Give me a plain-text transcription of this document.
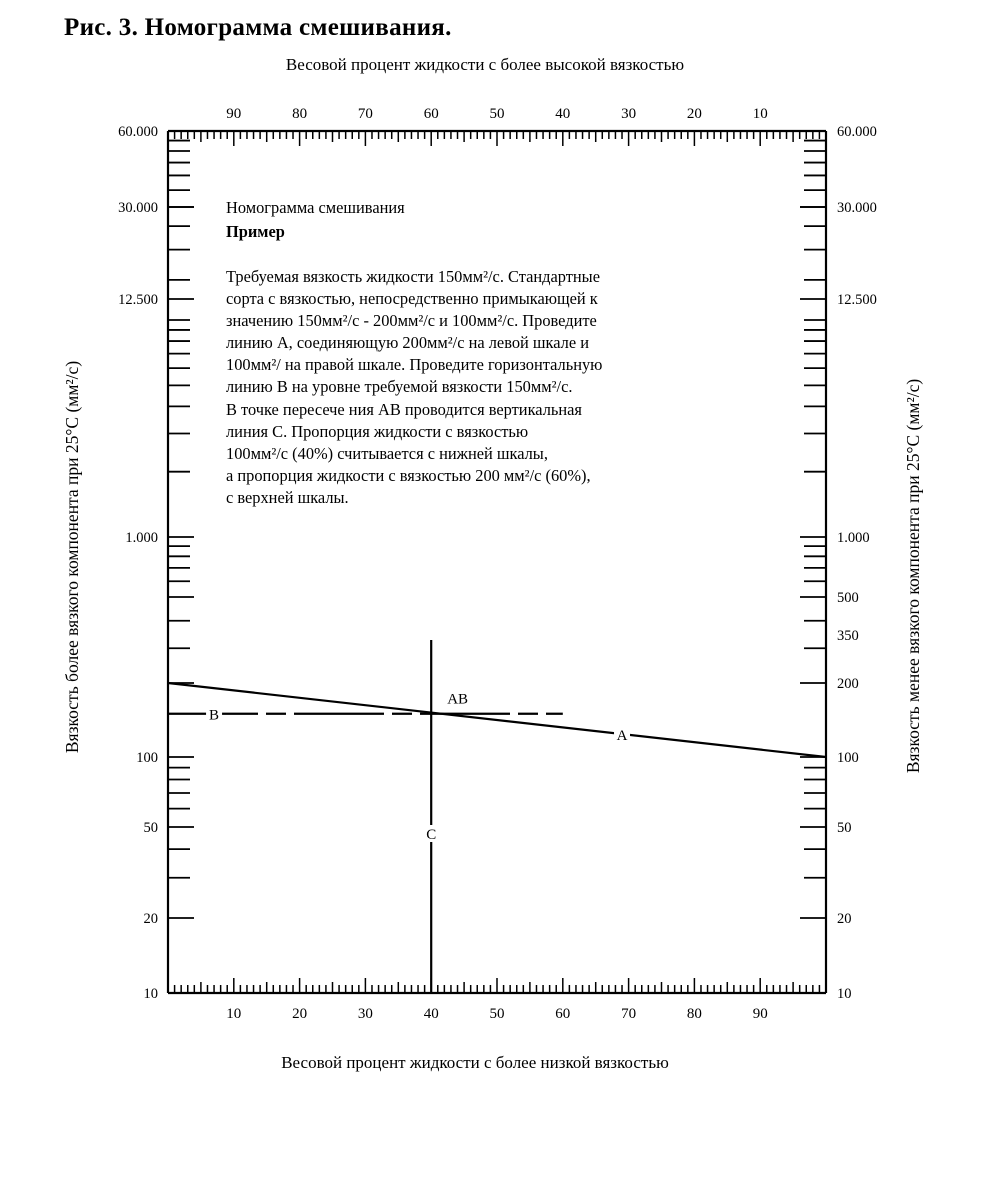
Рис. 3. Номограмма смешивания.
90	80	70	60	50	40	30	20	10
10	20	30	40	50	60	70	80	90
60.000
30.000
12.500
1.000
100
50
20
10
60.000
30.000
12.500
1.000
500
350
200
100
50
20
10
A
B
C
AB
Весовой процент жидкости с более высокой вязкостью
Весовой процент жидкости с более низкой вязкостью
Вязкость более вязкого компонента при 25°С (мм²/с)	Вязкость менее вязкого компонента при 25°С (мм²/с)
Номограмма смешивания
Пример
Требуемая вязкость жидкости 150мм²/с. Стандартные
сорта с вязкостью, непосредственно примыкающей к
значению 150мм²/с - 200мм²/с и 100мм²/с. Проведите
линию А, соединяющую 200мм²/с на левой шкале и
100мм²/ на правой шкале. Проведите горизонтальную
линию В на уровне требуемой вязкости 150мм²/с.
В точке пересече ния АВ проводится вертикальная
линия С. Пропорция жидкости с вязкостью
100мм²/с (40%) считывается с нижней шкалы,
а пропорция жидкости с вязкостью 200 мм²/с (60%),
с верхней шкалы.
